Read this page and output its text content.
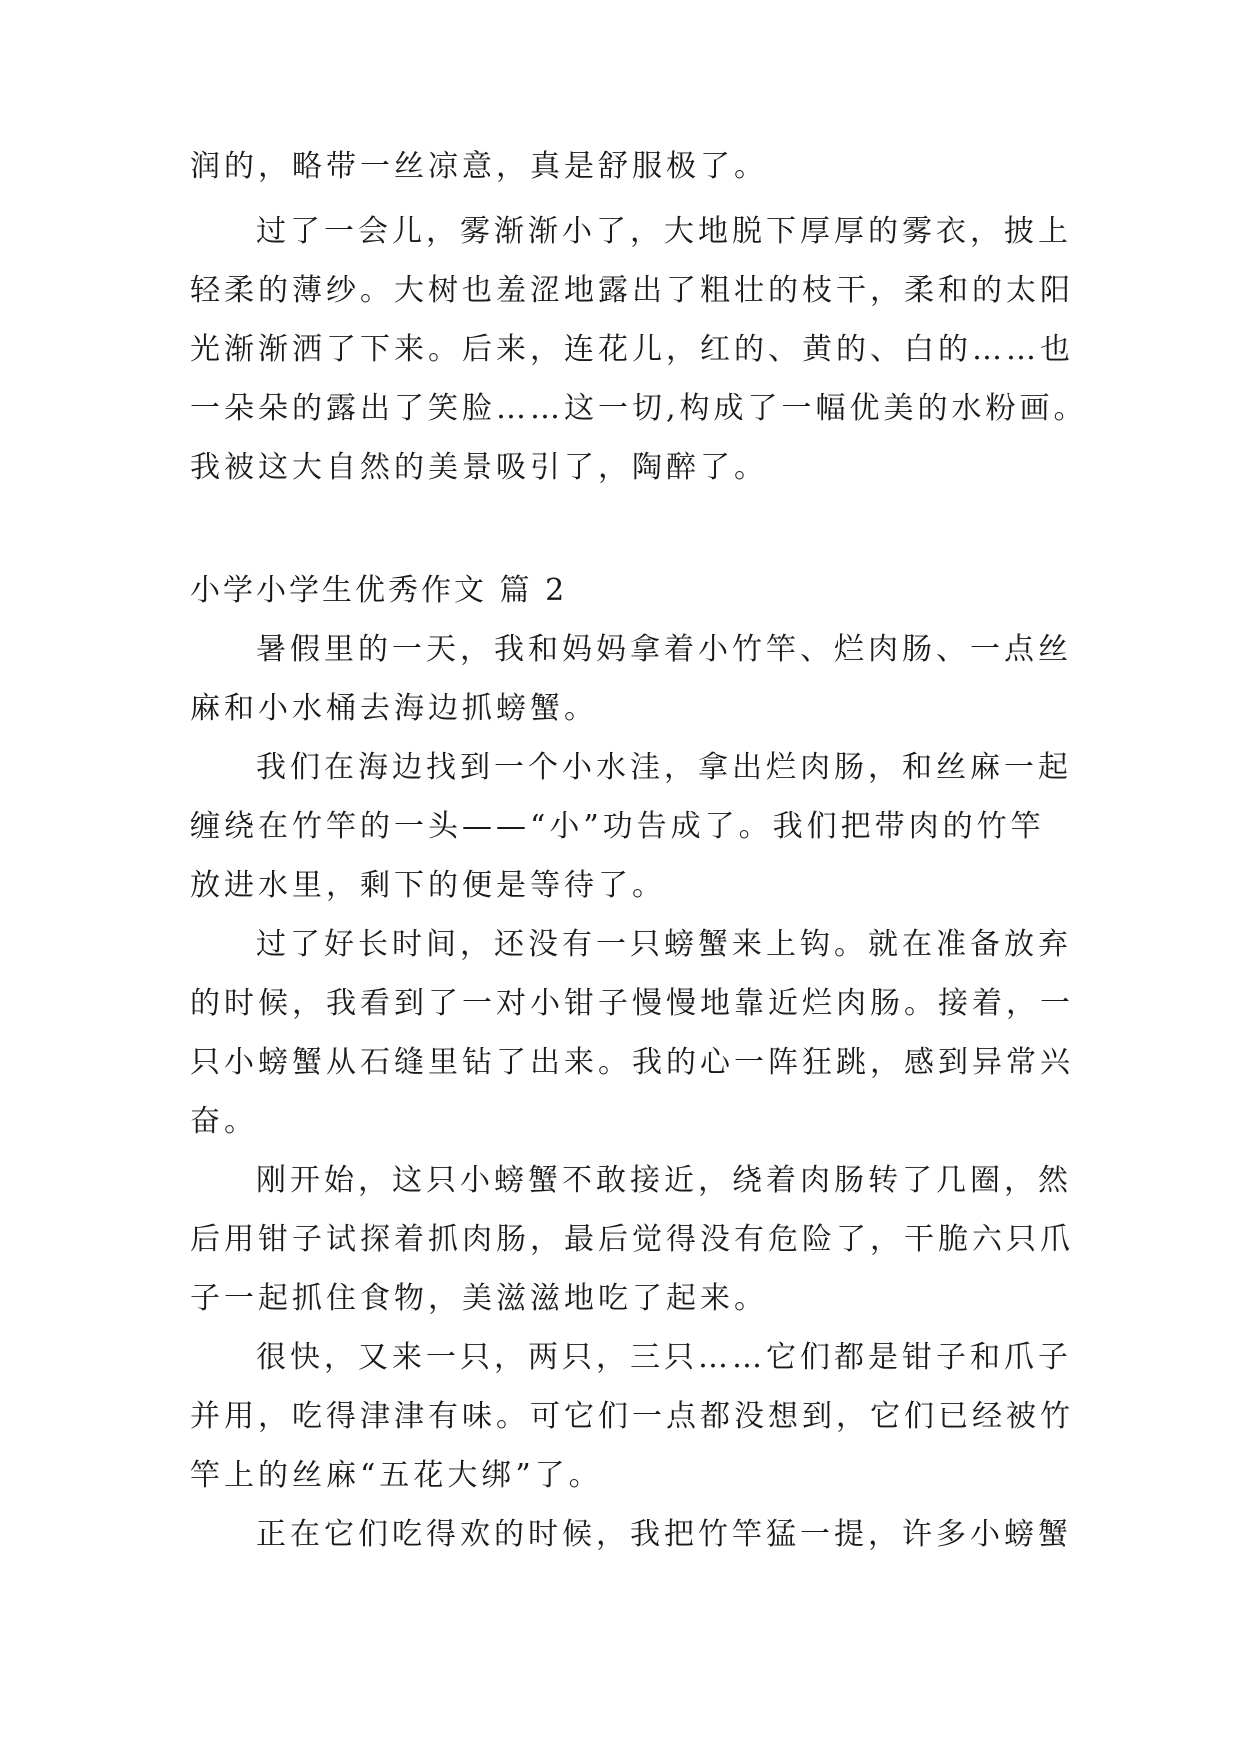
润的，略带一丝凉意，真是舒服极了。

过了一会儿，雾渐渐小了，大地脱下厚厚的雾衣，披上

轻柔的薄纱。大树也羞涩地露出了粗壮的枝干，柔和的太阳

光渐渐洒了下来。后来，连花儿，红的、黄的、白的……也

一朵朵的露出了笑脸……这一切,构成了一幅优美的水粉画。

我被这大自然的美景吸引了，陶醉了。

小学小学生优秀作文 篇 2

暑假里的一天，我和妈妈拿着小竹竿、烂肉肠、一点丝

麻和小水桶去海边抓螃蟹。

我们在海边找到一个小水洼，拿出烂肉肠，和丝麻一起

缠绕在竹竿的一头——“小”功告成了。我们把带肉的竹竿

放进水里，剩下的便是等待了。

过了好长时间，还没有一只螃蟹来上钩。就在准备放弃

的时候，我看到了一对小钳子慢慢地靠近烂肉肠。接着，一

只小螃蟹从石缝里钻了出来。我的心一阵狂跳，感到异常兴

奋。

刚开始，这只小螃蟹不敢接近，绕着肉肠转了几圈，然

后用钳子试探着抓肉肠，最后觉得没有危险了，干脆六只爪

子一起抓住食物，美滋滋地吃了起来。

很快，又来一只，两只，三只……它们都是钳子和爪子

并用，吃得津津有味。可它们一点都没想到，它们已经被竹

竿上的丝麻“五花大绑”了。

正在它们吃得欢的时候，我把竹竿猛一提，许多小螃蟹
